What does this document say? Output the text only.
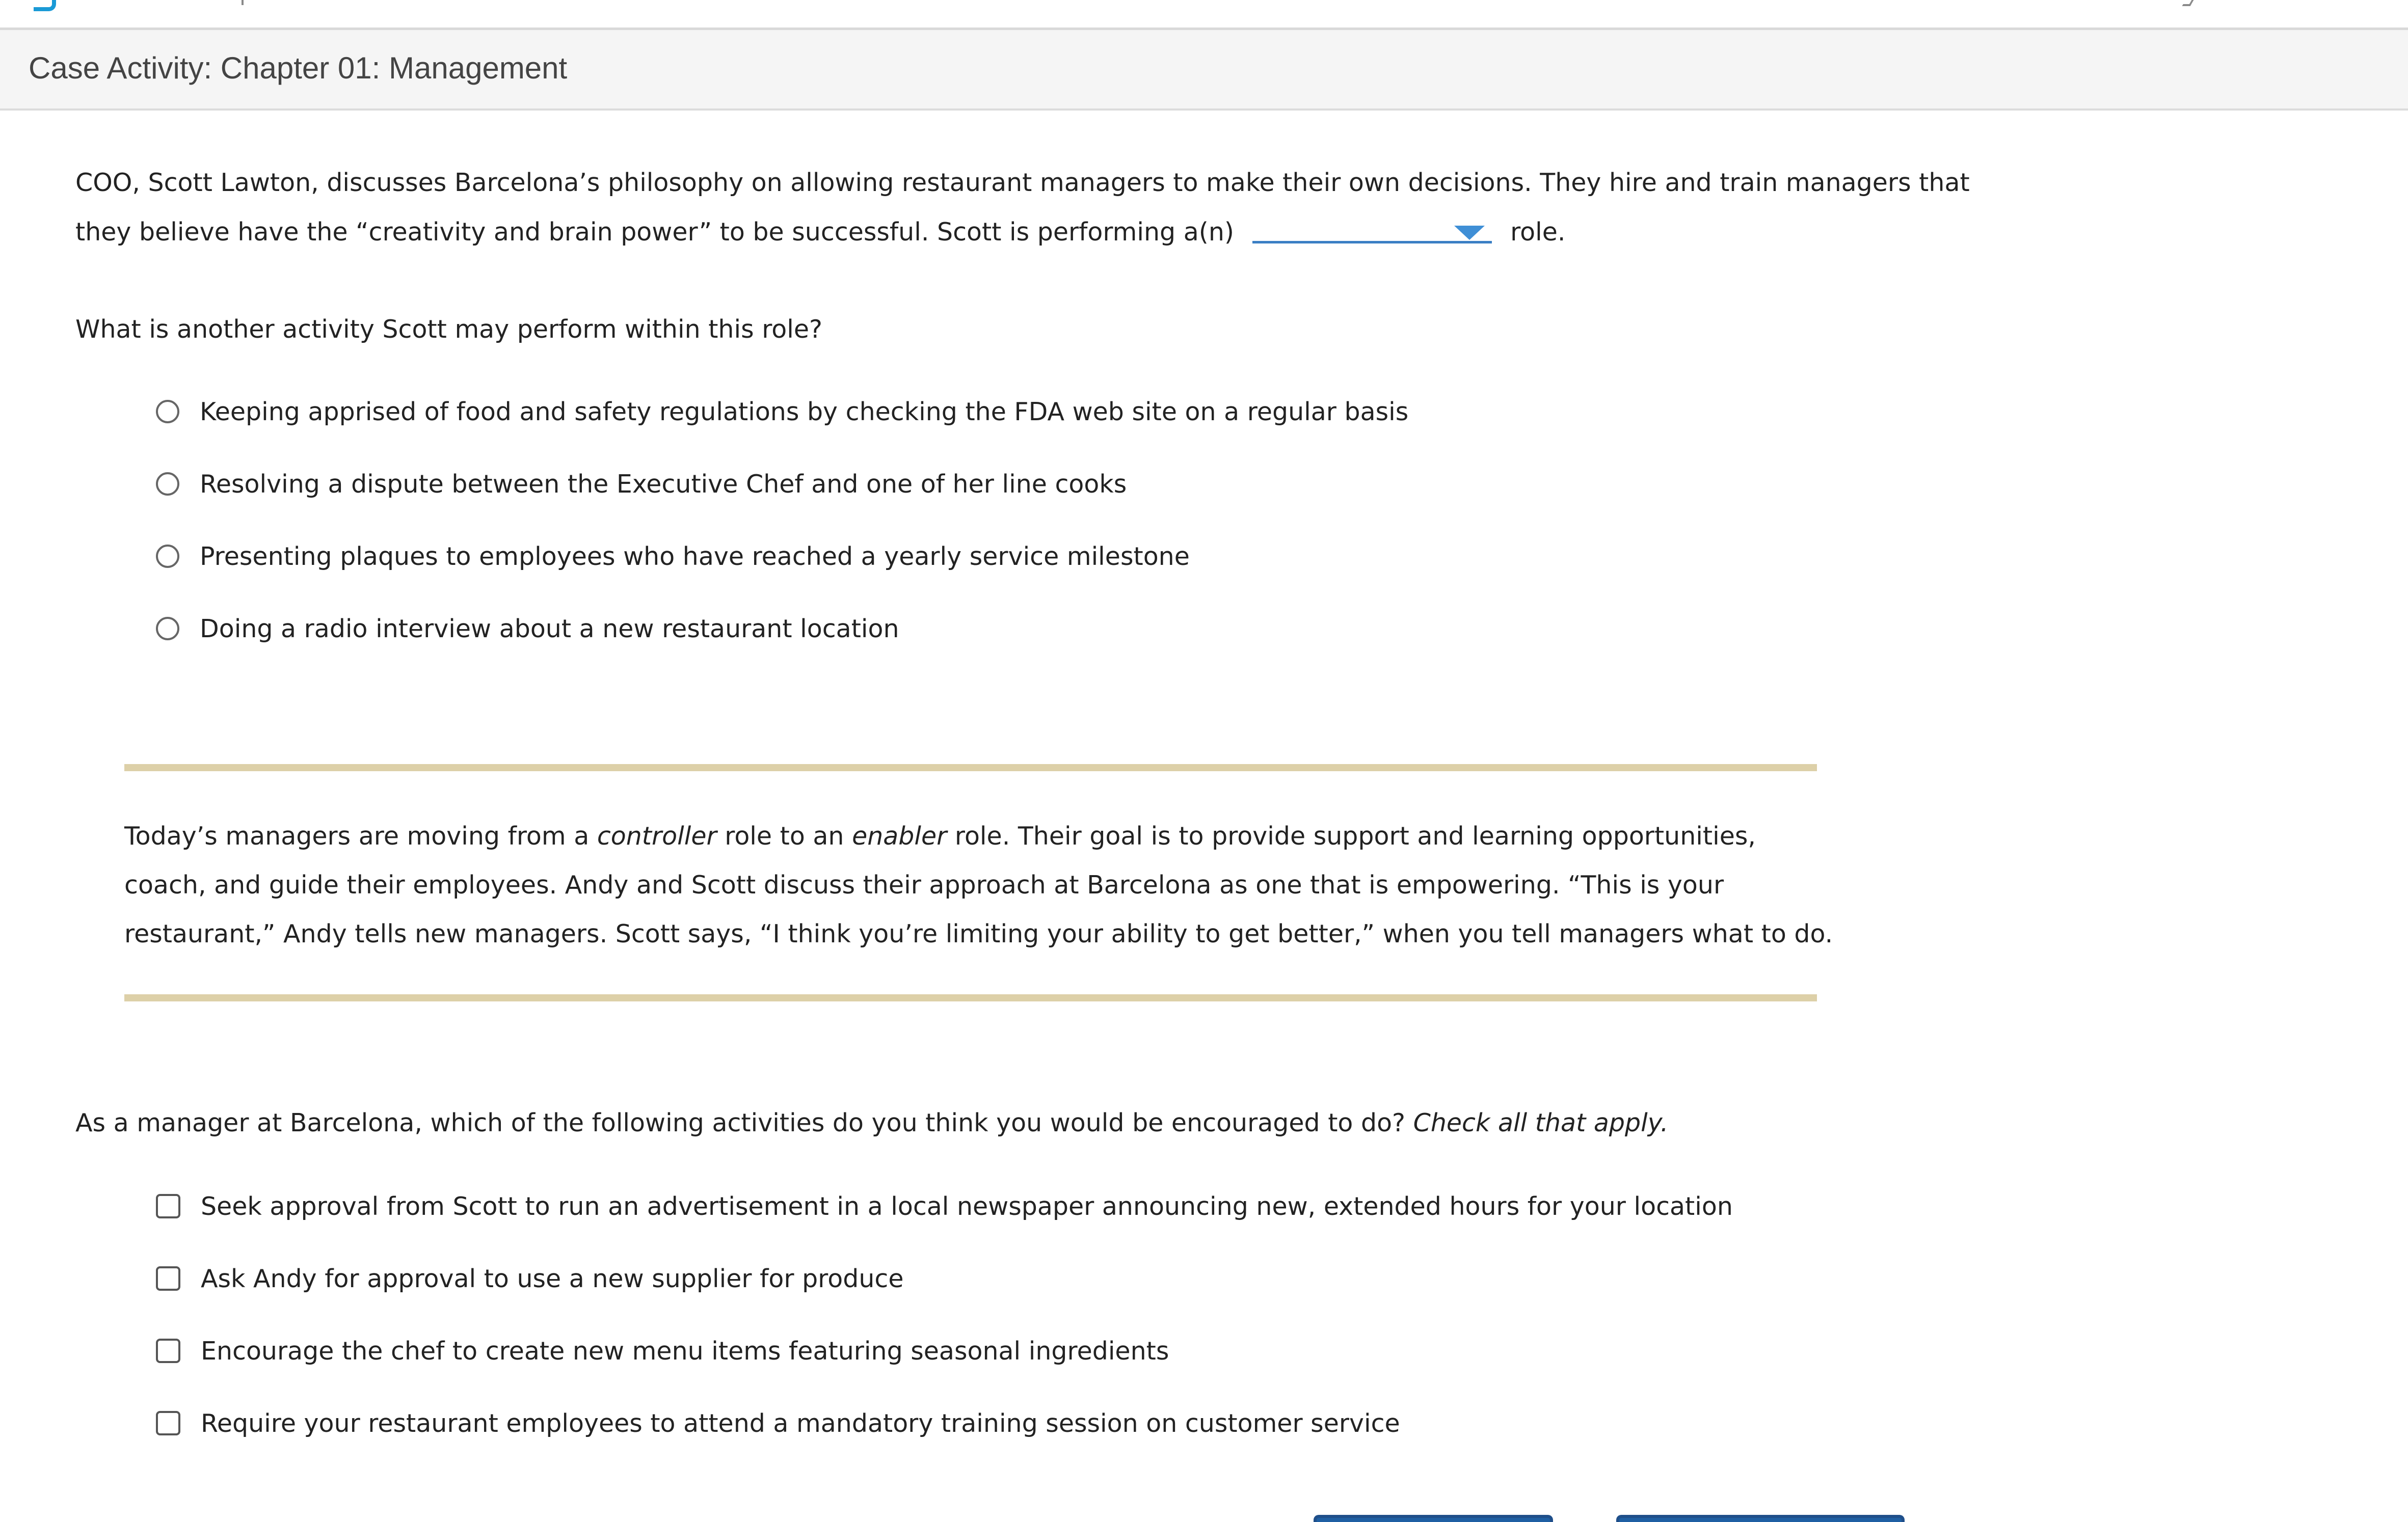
Case Activity: Chapter 01: Management
COO, Scott Lawton, discusses Barcelona’s philosophy on allowing restaurant managers to make their own decisions. They hire and train managers that
they believe have the “creativity and brain power” to be successful. Scott is performing a(n)	role.
What is another activity Scott may perform within this role?
Keeping apprised of food and safety regulations by checking the FDA web site on a regular basis
Resolving a dispute between the Executive Chef and one of her line cooks
Presenting plaques to employees who have reached a yearly service milestone
Doing a radio interview about a new restaurant location
Today’s managers are moving from a controller role to an enabler role. Their goal is to provide support and learning opportunities,
coach, and guide their employees. Andy and Scott discuss their approach at Barcelona as one that is empowering. “This is your
restaurant,” Andy tells new managers. Scott says, “I think you’re limiting your ability to get better,” when you tell managers what to do.
As a manager at Barcelona, which of the following activities do you think you would be encouraged to do? Check all that apply.
Seek approval from Scott to run an advertisement in a local newspaper announcing new, extended hours for your location
Ask Andy for approval to use a new supplier for produce
Encourage the chef to create new menu items featuring seasonal ingredients
Require your restaurant employees to attend a mandatory training session on customer service
